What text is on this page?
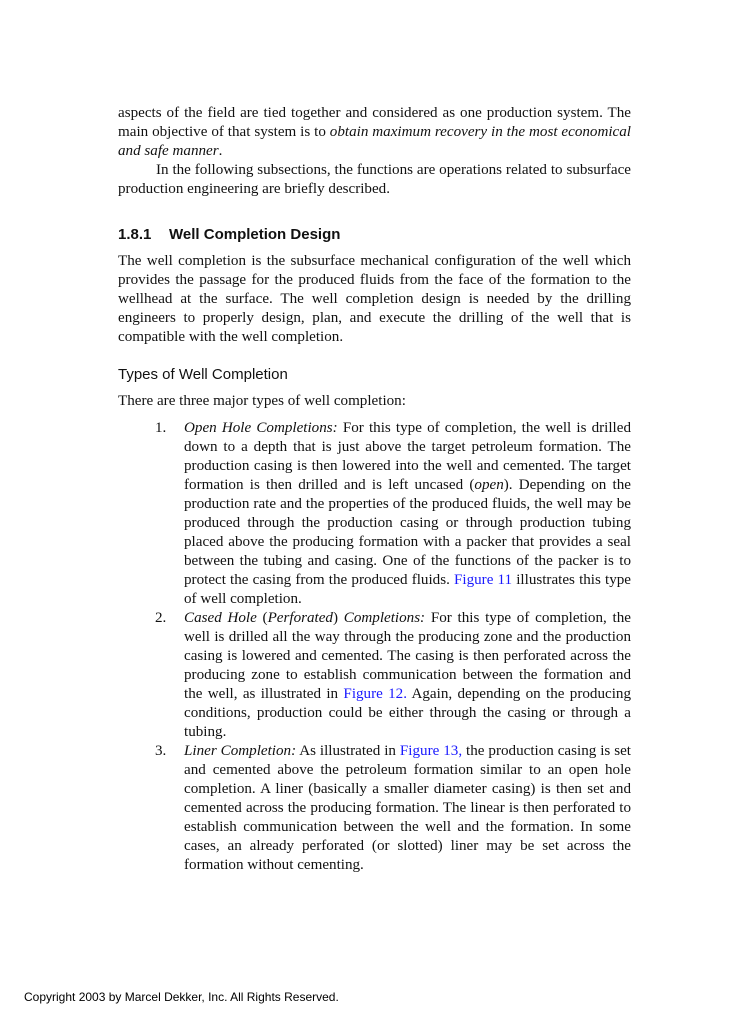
aspects of the field are tied together and considered as one production system. The main objective of that system is to obtain maximum recovery in the most economical and safe manner.

In the following subsections, the functions are operations related to subsurface production engineering are briefly described.

1.8.1 Well Completion Design

The well completion is the subsurface mechanical configuration of the well which provides the passage for the produced fluids from the face of the formation to the wellhead at the surface. The well completion design is needed by the drilling engineers to properly design, plan, and execute the drilling of the well that is compatible with the well completion.

Types of Well Completion

There are three major types of well completion:

1. Open Hole Completions: For this type of completion, the well is drilled down to a depth that is just above the target petroleum formation. The production casing is then lowered into the well and cemented. The target formation is then drilled and is left uncased (open). Depending on the production rate and the properties of the produced fluids, the well may be produced through the production casing or through production tubing placed above the producing formation with a packer that provides a seal between the tubing and casing. One of the functions of the packer is to protect the casing from the produced fluids. Figure 11 illustrates this type of well completion.
2. Cased Hole (Perforated) Completions: For this type of completion, the well is drilled all the way through the producing zone and the production casing is lowered and cemented. The casing is then perforated across the producing zone to establish communication between the formation and the well, as illustrated in Figure 12. Again, depending on the producing conditions, production could be either through the casing or through a tubing.
3. Liner Completion: As illustrated in Figure 13, the production casing is set and cemented above the petroleum formation similar to an open hole completion. A liner (basically a smaller diameter casing) is then set and cemented across the producing formation. The linear is then perforated to establish communication between the well and the formation. In some cases, an already perforated (or slotted) liner may be set across the formation without cementing.
Copyright 2003 by Marcel Dekker, Inc. All Rights Reserved.
